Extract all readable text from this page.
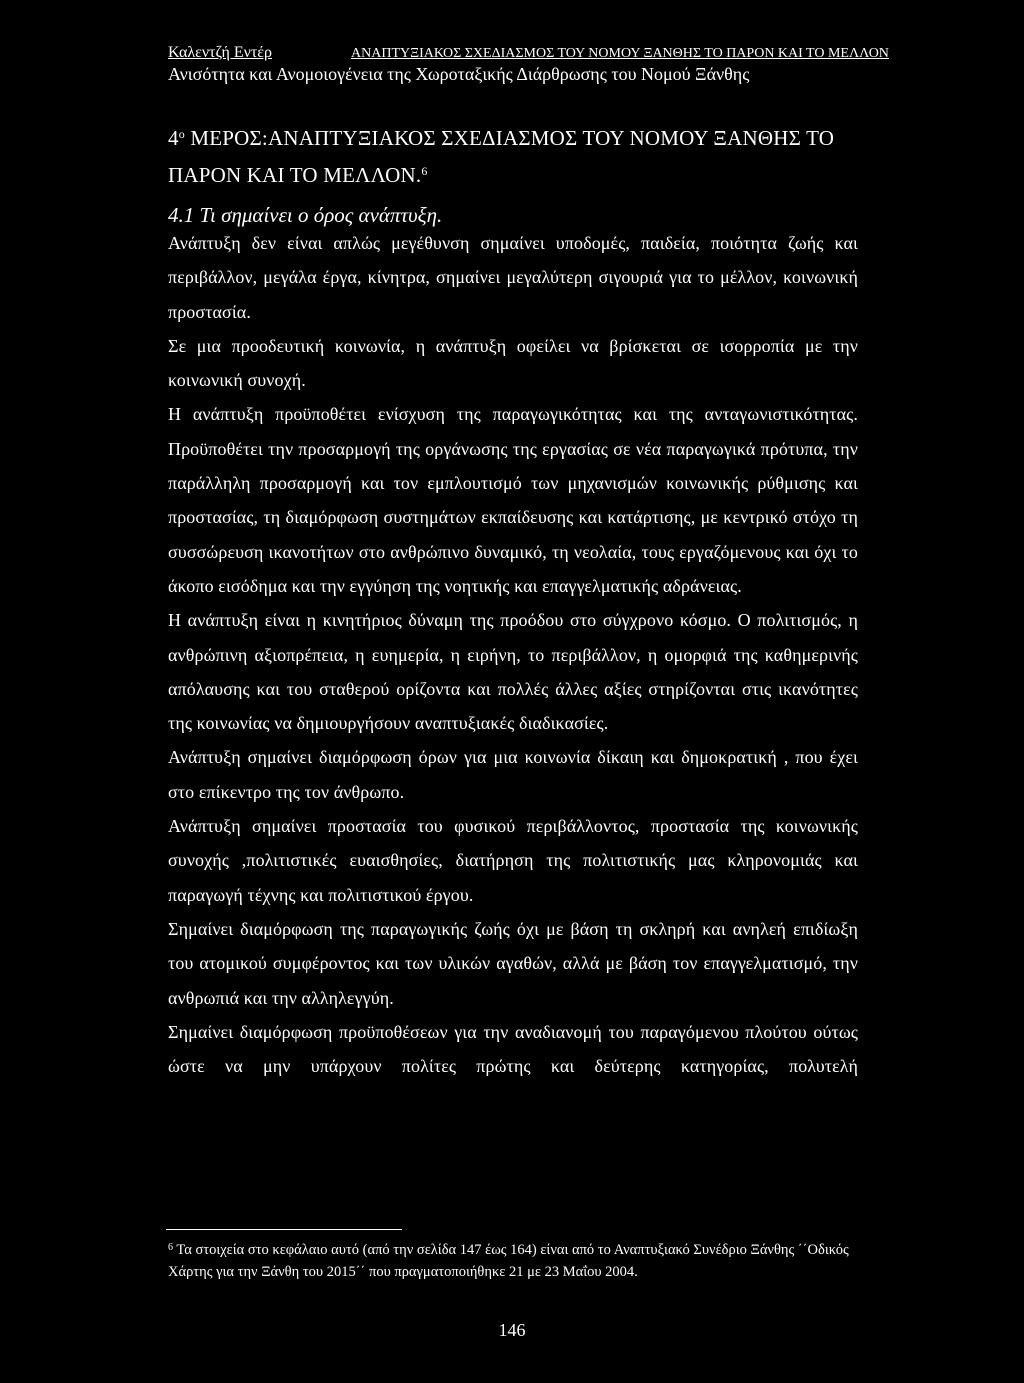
Καλεντζή Εντέρ	ΑΝΑΠΤΥΞΙΑΚΟΣ ΣΧΕΔΙΑΣΜΟΣ ΤΟΥ ΝΟΜΟΥ ΞΑΝΘΗΣ ΤΟ ΠΑΡΟΝ ΚΑΙ ΤΟ ΜΕΛΛΟΝ
Ανισότητα και Ανομοιογένεια της Χωροταξικής Διάρθρωσης του Νομού Ξάνθης
$4^o$ ΜΕΡΟΣ:ΑΝΑΠΤΥΞΙΑΚΟΣ ΣΧΕΔΙΑΣΜΟΣ ΤΟΥ ΝΟΜΟΥ ΞΑΝΘΗΣ ΤΟ ΠΑΡΟΝ ΚΑΙ ΤΟ ΜΕΛΛΟΝ.$^6$
4.1 Τι σημαίνει ο όρος ανάπτυξη.

Ανάπτυξη δεν είναι απλώς μεγέθυνση σημαίνει υποδομές, παιδεία, ποιότητα ζωής και περιβάλλον, μεγάλα έργα, κίνητρα, σημαίνει μεγαλύτερη σιγουριά για το μέλλον, κοινωνική προστασία.

Σε μια προοδευτική κοινωνία, η ανάπτυξη οφείλει να βρίσκεται σε ισορροπία με την κοινωνική συνοχή.

Η ανάπτυξη προϋποθέτει ενίσχυση της παραγωγικότητας και της ανταγωνιστικότητας. Προϋποθέτει την προσαρμογή της οργάνωσης της εργασίας σε νέα παραγωγικά πρότυπα, την παράλληλη προσαρμογή και τον εμπλουτισμό των μηχανισμών κοινωνικής ρύθμισης και προστασίας, τη διαμόρφωση συστημάτων εκπαίδευσης και κατάρτισης, με κεντρικό στόχο τη συσσώρευση ικανοτήτων στο ανθρώπινο δυναμικό, τη νεολαία, τους εργαζόμενους και όχι το άκοπο εισόδημα και την εγγύηση της νοητικής και επαγγελματικής αδράνειας.

Η ανάπτυξη είναι η κινητήριος δύναμη της προόδου στο σύγχρονο κόσμο. Ο πολιτισμός, η ανθρώπινη αξιοπρέπεια, η ευημερία, η ειρήνη, το περιβάλλον, η ομορφιά της καθημερινής απόλαυσης και του σταθερού ορίζοντα και πολλές άλλες αξίες στηρίζονται στις ικανότητες της κοινωνίας να δημιουργήσουν αναπτυξιακές διαδικασίες.

Ανάπτυξη σημαίνει διαμόρφωση όρων για μια κοινωνία δίκαιη και δημοκρατική , που έχει στο επίκεντρο της τον άνθρωπο.

Ανάπτυξη σημαίνει προστασία του φυσικού περιβάλλοντος, προστασία της κοινωνικής συνοχής ,πολιτιστικές ευαισθησίες, διατήρηση της πολιτιστικής μας κληρονομιάς και παραγωγή τέχνης και πολιτιστικού έργου.

Σημαίνει διαμόρφωση της παραγωγικής ζωής όχι με βάση τη σκληρή και ανηλεή επιδίωξη του ατομικού συμφέροντος και των υλικών αγαθών, αλλά με βάση τον επαγγελματισμό, την ανθρωπιά και την αλληλεγγύη.

Σημαίνει διαμόρφωση προϋποθέσεων για την αναδιανομή του παραγόμενου πλούτου ούτως ώστε να μην υπάρχουν πολίτες πρώτης και δεύτερης κατηγορίας, πολυτελή

$^6$ Τα στοιχεία στο κεφάλαιο αυτό (από την σελίδα 147 έως 164) είναι από το Αναπτυξιακό Συνέδριο Ξάνθης ΄΄Οδικός Χάρτης για την Ξάνθη του 2015΄΄ που πραγματοποιήθηκε 21 με 23 Μαΐου 2004.
146
